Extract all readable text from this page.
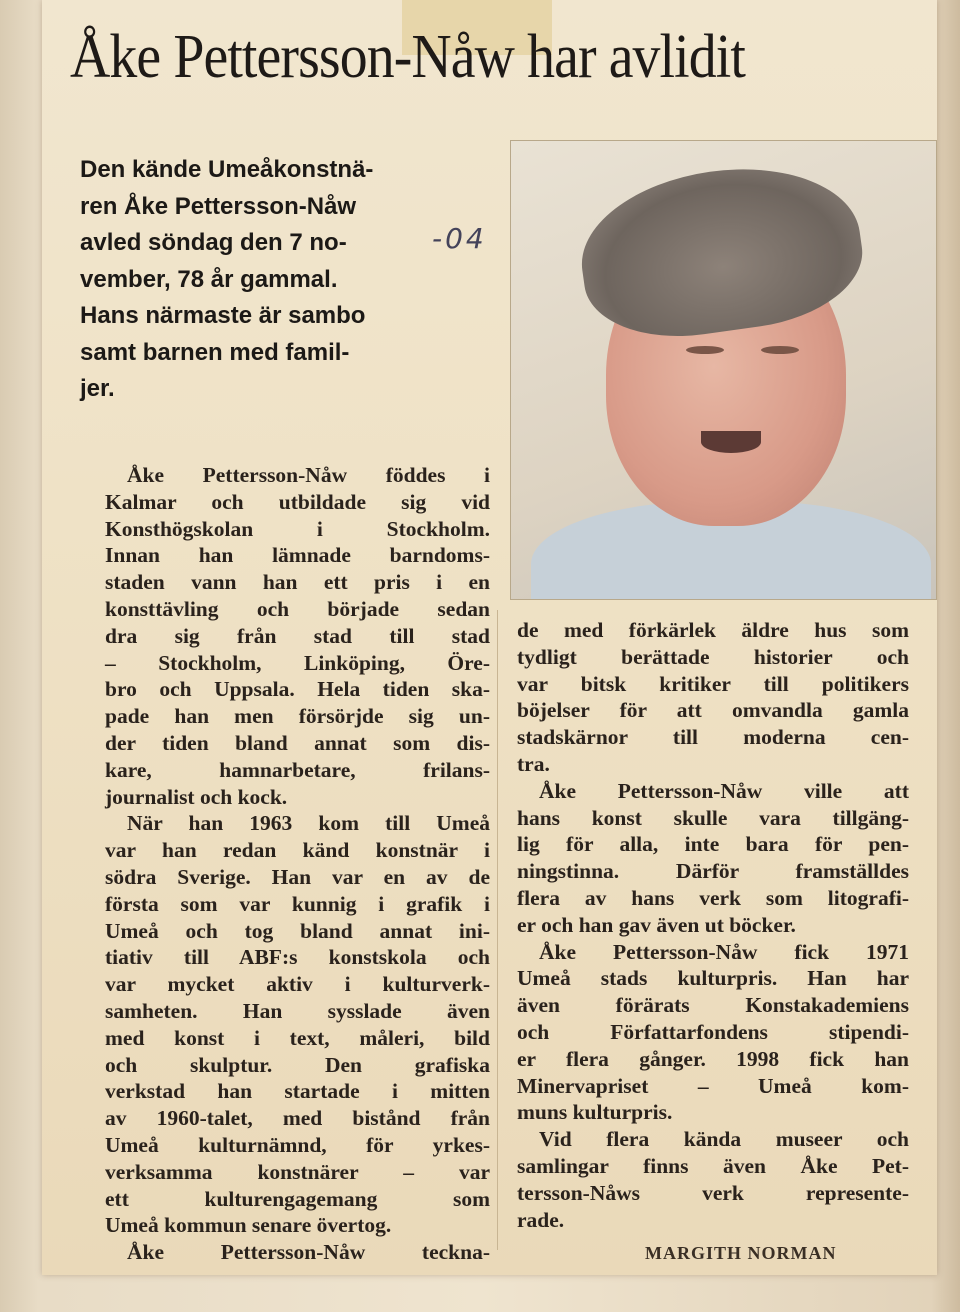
Åke Pettersson-Nåw har avlidit
Den kände Umeåkonstnä-
ren Åke Pettersson-Nåw
avled söndag den 7 no-
vember, 78 år gammal.
Hans närmaste är sambo
samt barnen med famil-
jer.
-04
Åke Pettersson-Nåw föddes i
Kalmar och utbildade sig vid
Konsthögskolan i Stockholm.
Innan han lämnade barndoms-
staden vann han ett pris i en
konsttävling och började sedan
dra sig från stad till stad
– Stockholm, Linköping, Öre-
bro och Uppsala. Hela tiden ska-
pade han men försörjde sig un-
der tiden bland annat som dis-
kare, hamnarbetare, frilans-
journalist och kock.
När han 1963 kom till Umeå
var han redan känd konstnär i
södra Sverige. Han var en av de
första som var kunnig i grafik i
Umeå och tog bland annat ini-
tiativ till ABF:s konstskola och
var mycket aktiv i kulturverk-
samheten. Han sysslade även
med konst i text, måleri, bild
och skulptur. Den grafiska
verkstad han startade i mitten
av 1960-talet, med bistånd från
Umeå kulturnämnd, för yrkes-
verksamma konstnärer – var
ett kulturengagemang som
Umeå kommun senare övertog.
Åke Pettersson-Nåw teckna-
de med förkärlek äldre hus som
tydligt berättade historier och
var bitsk kritiker till politikers
böjelser för att omvandla gamla
stadskärnor till moderna cen-
tra.
Åke Pettersson-Nåw ville att
hans konst skulle vara tillgäng-
lig för alla, inte bara för pen-
ningstinna. Därför framställdes
flera av hans verk som litografi-
er och han gav även ut böcker.
Åke Pettersson-Nåw fick 1971
Umeå stads kulturpris. Han har
även förärats Konstakademiens
och Författarfondens stipendi-
er flera gånger. 1998 fick han
Minervapriset – Umeå kom-
muns kulturpris.
Vid flera kända museer och
samlingar finns även Åke Pet-
tersson-Nåws verk represente-
rade.
MARGITH NORMAN
